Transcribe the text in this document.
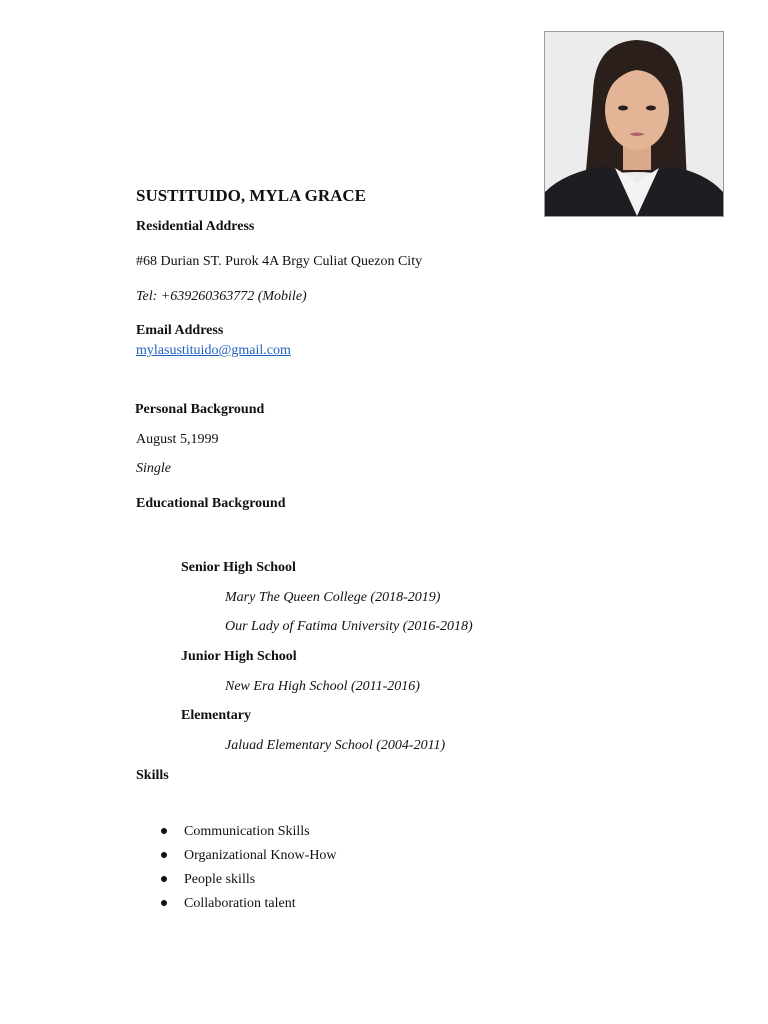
SUSTITUIDO, MYLA GRACE
Residential Address
#68 Durian ST. Purok 4A Brgy Culiat Quezon City
Tel: +639260363772 (Mobile)
Email Address
mylasustituido@gmail.com
Personal Background
August 5,1999
Single
Educational Background
Senior High School
Mary The Queen College (2018-2019)
Our Lady of Fatima University (2016-2018)
Junior High School
New Era High School (2011-2016)
Elementary
Jaluad Elementary School (2004-2011)
Skills
Communication Skills
Organizational Know-How
People skills
Collaboration talent
